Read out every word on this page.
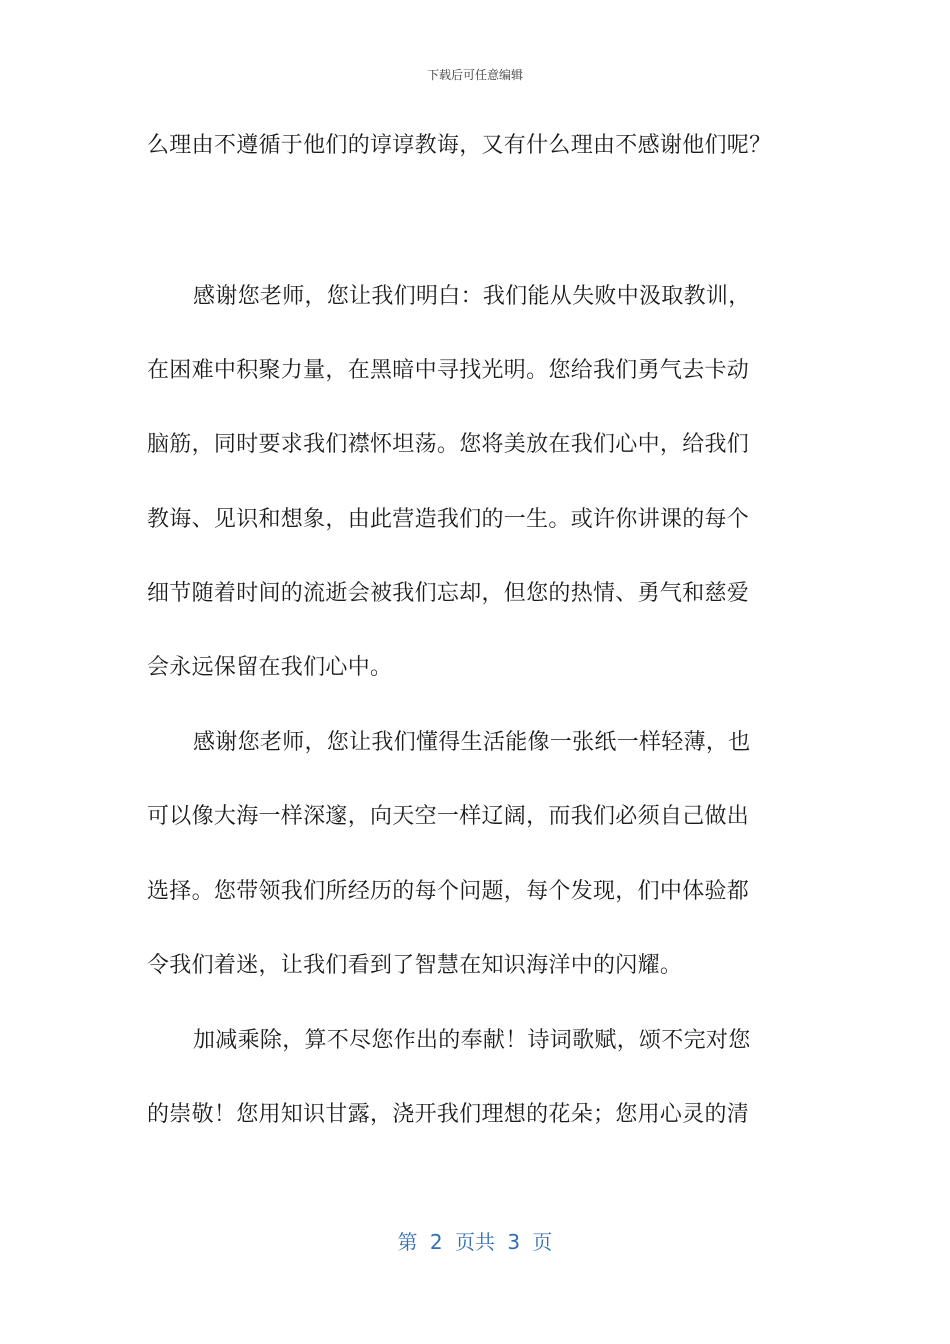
下载后可任意编辑
么理由不遵循于他们的谆谆教诲，又有什么理由不感谢他们呢？
感谢您老师，您让我们明白：我们能从失败中汲取教训，
在困难中积聚力量，在黑暗中寻找光明。您给我们勇气去卡动
脑筋，同时要求我们襟怀坦荡。您将美放在我们心中，给我们
教诲、见识和想象，由此营造我们的一生。或许你讲课的每个
细节随着时间的流逝会被我们忘却，但您的热情、勇气和慈爱
会永远保留在我们心中。
感谢您老师，您让我们懂得生活能像一张纸一样轻薄，也
可以像大海一样深邃，向天空一样辽阔，而我们必须自己做出
选择。您带领我们所经历的每个问题，每个发现，们中体验都
令我们着迷，让我们看到了智慧在知识海洋中的闪耀。
加减乘除，算不尽您作出的奉献！诗词歌赋，颂不完对您
的崇敬！您用知识甘露，浇开我们理想的花朵；您用心灵的清
第 2 页共 3 页
